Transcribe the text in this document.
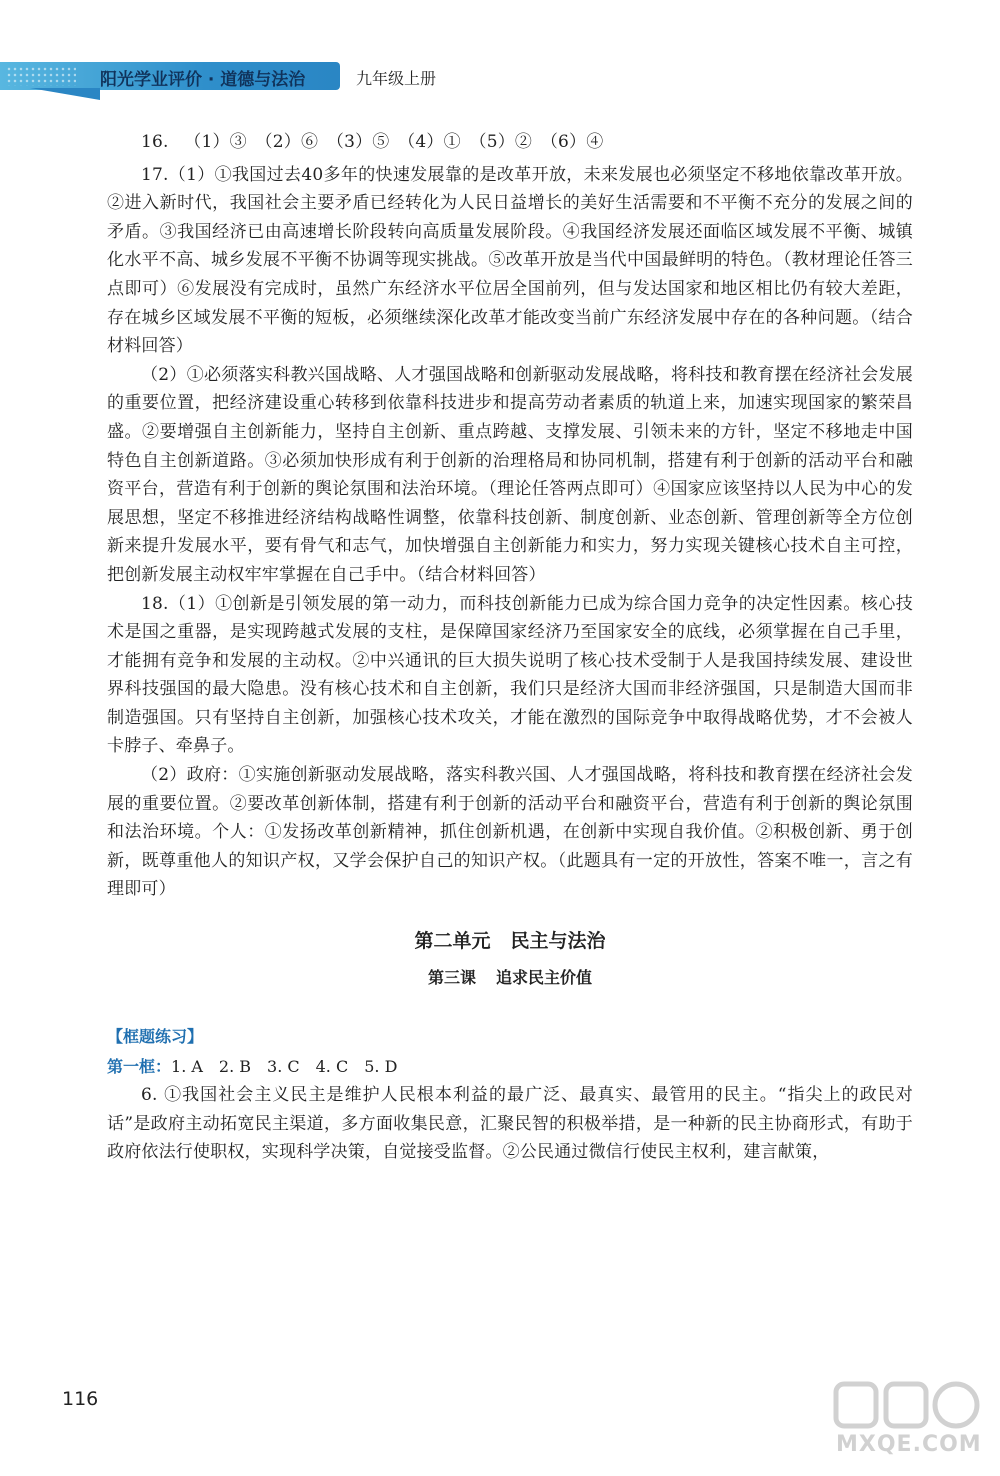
阳光学业评价 · 道德与法治	九年级上册

16. （1）③　（2）⑥　（3）⑤　（4）①　（5）②　（6）④

17.（1）①我国过去40多年的快速发展靠的是改革开放，未来发展也必须坚定不移地依靠改革开放。②进入新时代，我国社会主要矛盾已经转化为人民日益增长的美好生活需要和不平衡不充分的发展之间的矛盾。③我国经济已由高速增长阶段转向高质量发展阶段。④我国经济发展还面临区域发展不平衡、城镇化水平不高、城乡发展不平衡不协调等现实挑战。⑤改革开放是当代中国最鲜明的特色。（教材理论任答三点即可）⑥发展没有完成时，虽然广东经济水平位居全国前列，但与发达国家和地区相比仍有较大差距，存在城乡区域发展不平衡的短板，必须继续深化改革才能改变当前广东经济发展中存在的各种问题。（结合材料回答）

（2）①必须落实科教兴国战略、人才强国战略和创新驱动发展战略，将科技和教育摆在经济社会发展的重要位置，把经济建设重心转移到依靠科技进步和提高劳动者素质的轨道上来，加速实现国家的繁荣昌盛。②要增强自主创新能力，坚持自主创新、重点跨越、支撑发展、引领未来的方针，坚定不移地走中国特色自主创新道路。③必须加快形成有利于创新的治理格局和协同机制，搭建有利于创新的活动平台和融资平台，营造有利于创新的舆论氛围和法治环境。（理论任答两点即可）④国家应该坚持以人民为中心的发展思想，坚定不移推进经济结构战略性调整，依靠科技创新、制度创新、业态创新、管理创新等全方位创新来提升发展水平，要有骨气和志气，加快增强自主创新能力和实力，努力实现关键核心技术自主可控，把创新发展主动权牢牢掌握在自己手中。（结合材料回答）

18.（1）①创新是引领发展的第一动力，而科技创新能力已成为综合国力竞争的决定性因素。核心技术是国之重器，是实现跨越式发展的支柱，是保障国家经济乃至国家安全的底线，必须掌握在自己手里，才能拥有竞争和发展的主动权。②中兴通讯的巨大损失说明了核心技术受制于人是我国持续发展、建设世界科技强国的最大隐患。没有核心技术和自主创新，我们只是经济大国而非经济强国，只是制造大国而非制造强国。只有坚持自主创新，加强核心技术攻关，才能在激烈的国际竞争中取得战略优势，才不会被人卡脖子、牵鼻子。

（2）政府：①实施创新驱动发展战略，落实科教兴国、人才强国战略，将科技和教育摆在经济社会发展的重要位置。②要改革创新体制，搭建有利于创新的活动平台和融资平台，营造有利于创新的舆论氛围和法治环境。个人：①发扬改革创新精神，抓住创新机遇，在创新中实现自我价值。②积极创新、勇于创新，既尊重他人的知识产权，又学会保护自己的知识产权。（此题具有一定的开放性，答案不唯一，言之有理即可）

第二单元 民主与法治
第三课 追求民主价值
【框题练习】
第一框：1. A　2. B　3. C　4. C　5. D

6. ①我国社会主义民主是维护人民根本利益的最广泛、最真实、最管用的民主。“指尖上的政民对话”是政府主动拓宽民主渠道，多方面收集民意，汇聚民智的积极举措，是一种新的民主协商形式，有助于政府依法行使职权，实现科学决策，自觉接受监督。②公民通过微信行使民主权利，建言献策，

116
MXQE.COM
